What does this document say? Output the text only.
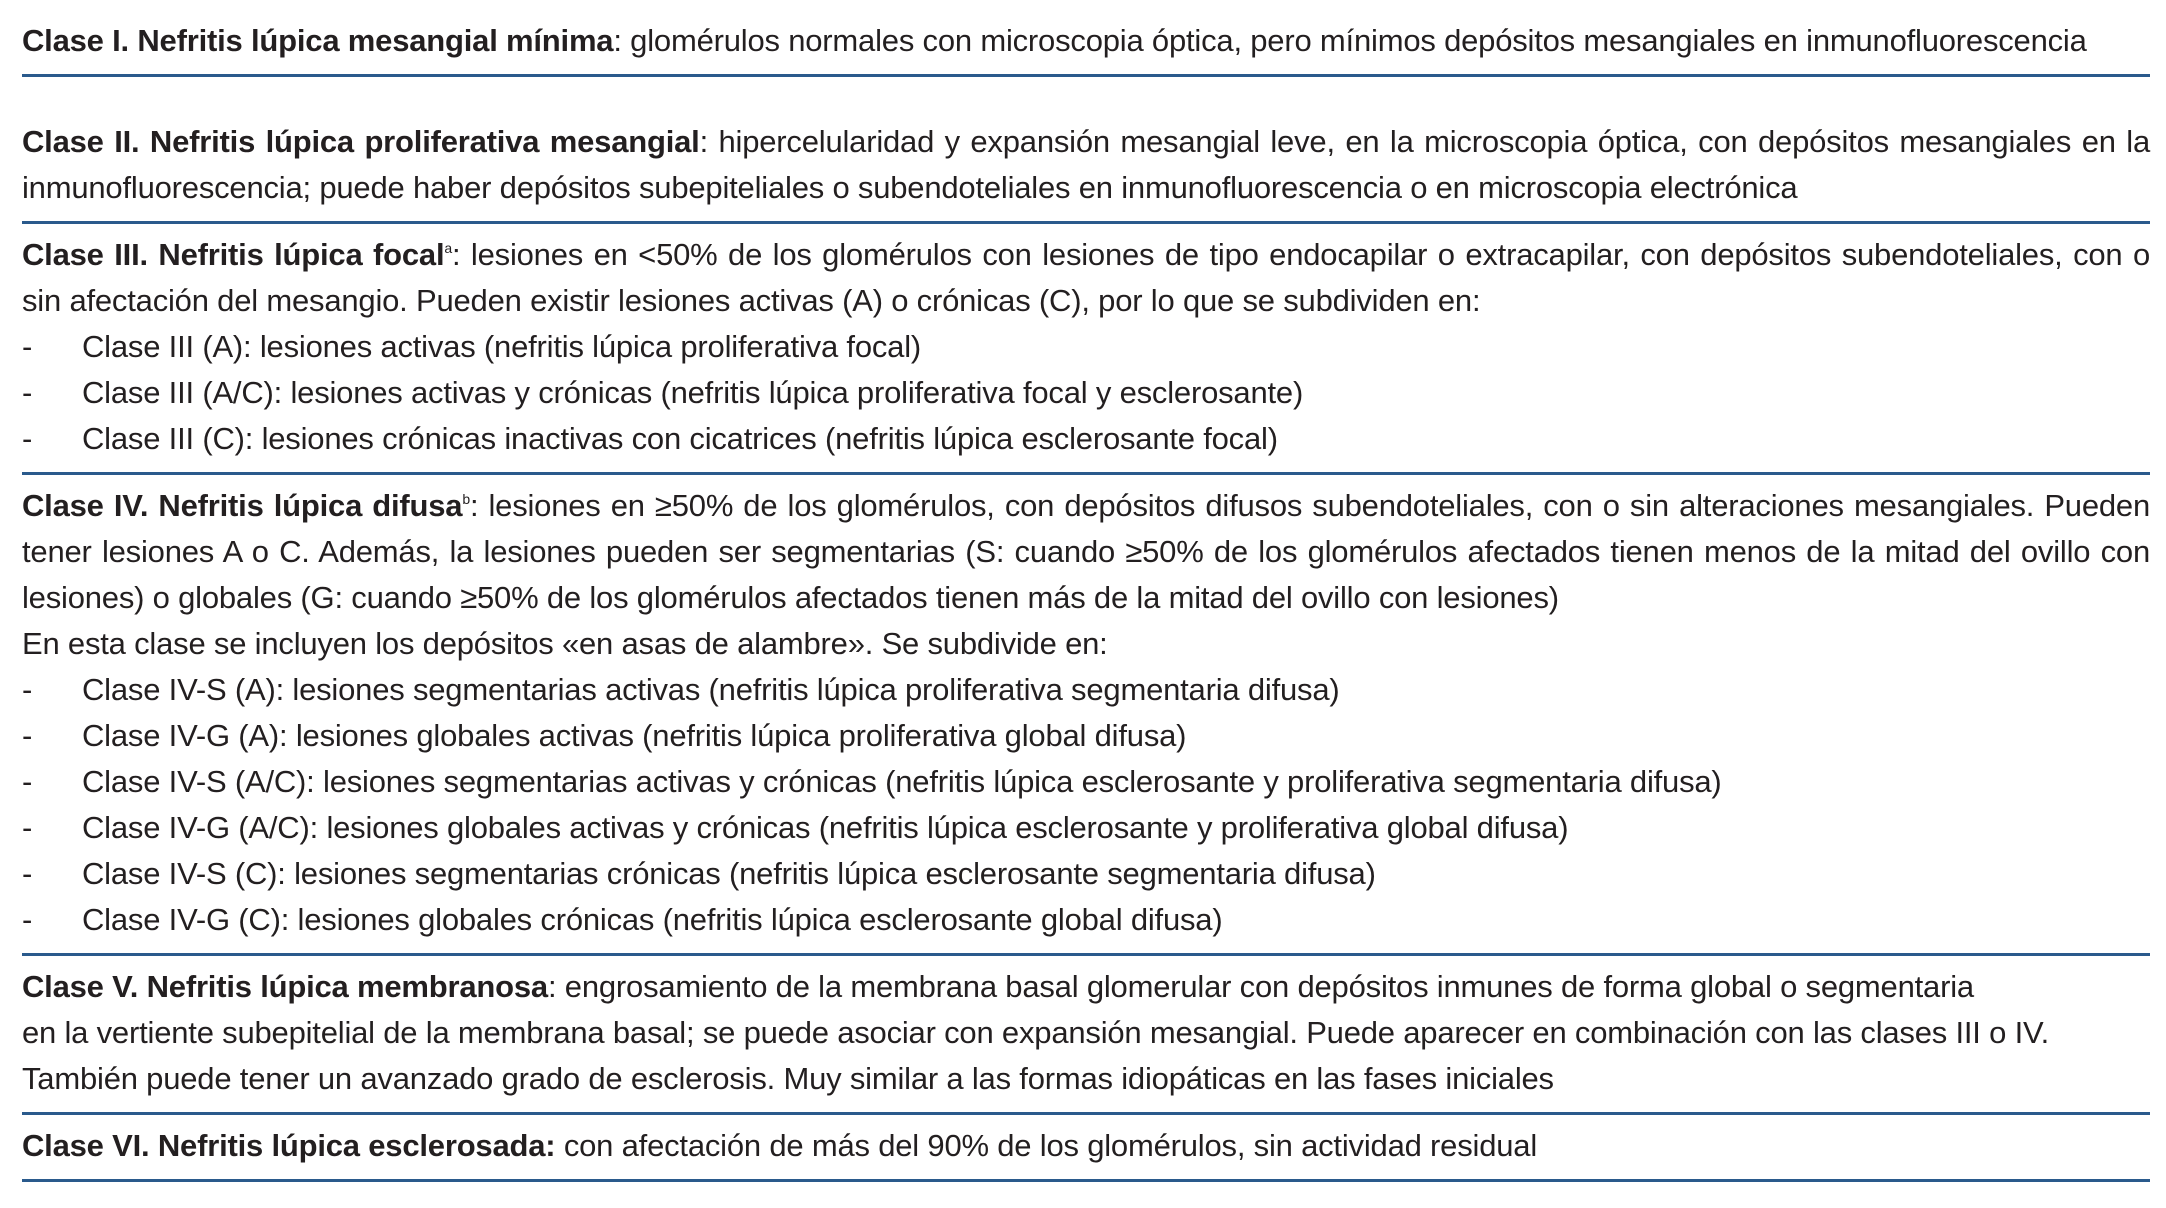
Clase I. Nefritis lúpica mesangial mínima: glomérulos normales con microscopia óptica, pero mínimos depósitos mesangiales en inmunofluorescencia

Clase II. Nefritis lúpica proliferativa mesangial: hipercelularidad y expansión mesangial leve, en la microscopia óptica, con depósitos mesangiales en la inmunofluorescencia; puede haber depósitos subepiteliales o subendoteliales en inmunofluorescencia o en microscopia electrónica

Clase III. Nefritis lúpica focal$^a$: lesiones en <50% de los glomérulos con lesiones de tipo endocapilar o extracapilar, con depósitos subendoteliales, con o sin afectación del mesangio. Pueden existir lesiones activas (A) o crónicas (C), por lo que se subdividen en:

- Clase III (A): lesiones activas (nefritis lúpica proliferativa focal)
- Clase III (A/C): lesiones activas y crónicas (nefritis lúpica proliferativa focal y esclerosante)
- Clase III (C): lesiones crónicas inactivas con cicatrices (nefritis lúpica esclerosante focal)

Clase IV. Nefritis lúpica difusa$^b$: lesiones en ≥50% de los glomérulos, con depósitos difusos subendoteliales, con o sin alteraciones mesangiales. Pueden tener lesiones A o C. Además, la lesiones pueden ser segmentarias (S: cuando ≥50% de los glomérulos afectados tienen menos de la mitad del ovillo con lesiones) o globales (G: cuando ≥50% de los glomérulos afectados tienen más de la mitad del ovillo con lesiones)

En esta clase se incluyen los depósitos «en asas de alambre». Se subdivide en:

- Clase IV-S (A): lesiones segmentarias activas (nefritis lúpica proliferativa segmentaria difusa)
- Clase IV-G (A): lesiones globales activas (nefritis lúpica proliferativa global difusa)
- Clase IV-S (A/C): lesiones segmentarias activas y crónicas (nefritis lúpica esclerosante y proliferativa segmentaria difusa)
- Clase IV-G (A/C): lesiones globales activas y crónicas (nefritis lúpica esclerosante y proliferativa global difusa)
- Clase IV-S (C): lesiones segmentarias crónicas (nefritis lúpica esclerosante segmentaria difusa)
- Clase IV-G (C): lesiones globales crónicas (nefritis lúpica esclerosante global difusa)

Clase V. Nefritis lúpica membranosa: engrosamiento de la membrana basal glomerular con depósitos inmunes de forma global o segmentaria
en la vertiente subepitelial de la membrana basal; se puede asociar con expansión mesangial. Puede aparecer en combinación con las clases III o IV.
También puede tener un avanzado grado de esclerosis. Muy similar a las formas idiopáticas en las fases iniciales

Clase VI. Nefritis lúpica esclerosada: con afectación de más del 90% de los glomérulos, sin actividad residual
